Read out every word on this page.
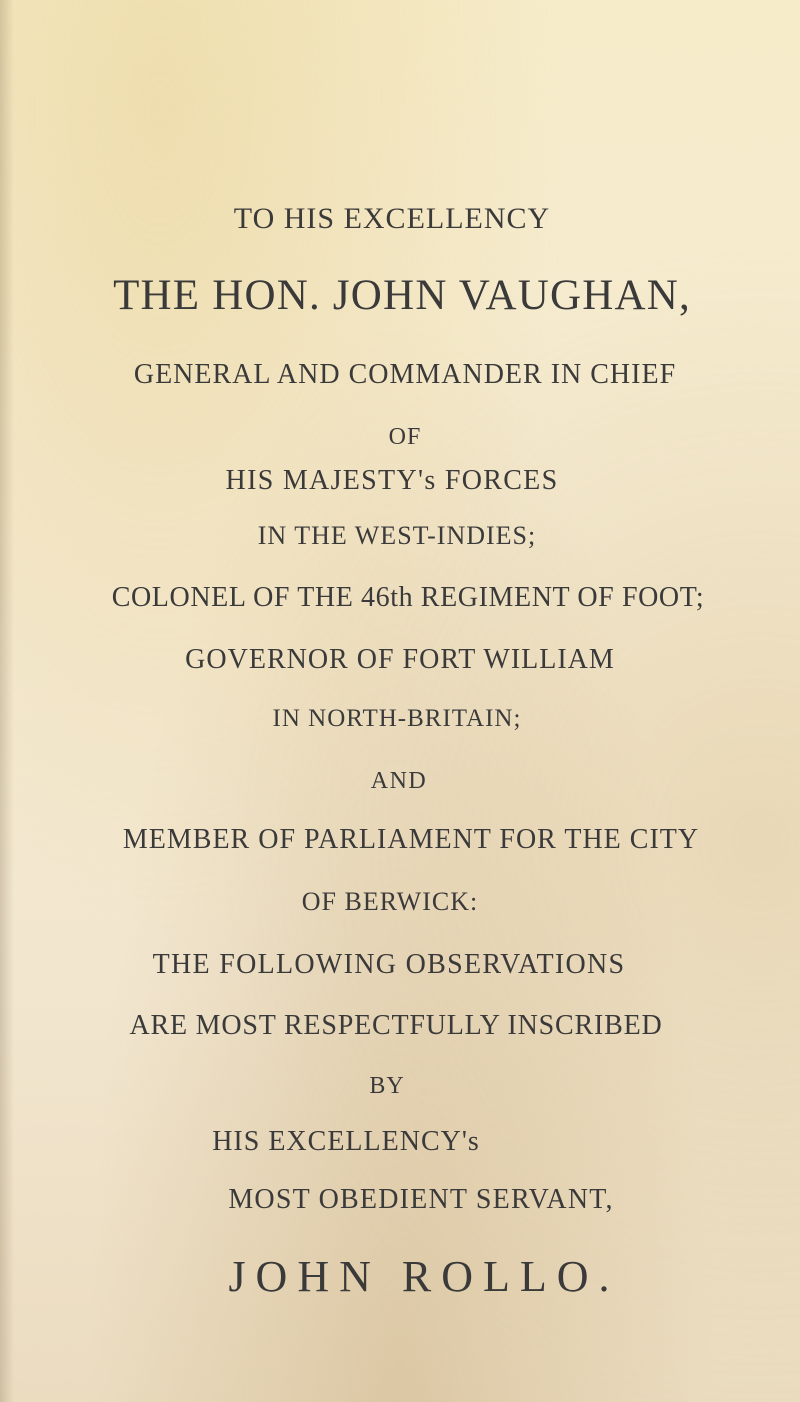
TO HIS EXCELLENCY
THE HON. JOHN VAUGHAN,
GENERAL AND COMMANDER IN CHIEF
OF
HIS MAJESTY's FORCES
IN THE WEST-INDIES;
COLONEL OF THE 46th REGIMENT OF FOOT;
GOVERNOR OF FORT WILLIAM
IN NORTH-BRITAIN;
AND
MEMBER OF PARLIAMENT FOR THE CITY
OF BERWICK:
THE FOLLOWING OBSERVATIONS
ARE MOST RESPECTFULLY INSCRIBED
BY
HIS EXCELLENCY's
MOST OBEDIENT SERVANT,
JOHN ROLLO.
